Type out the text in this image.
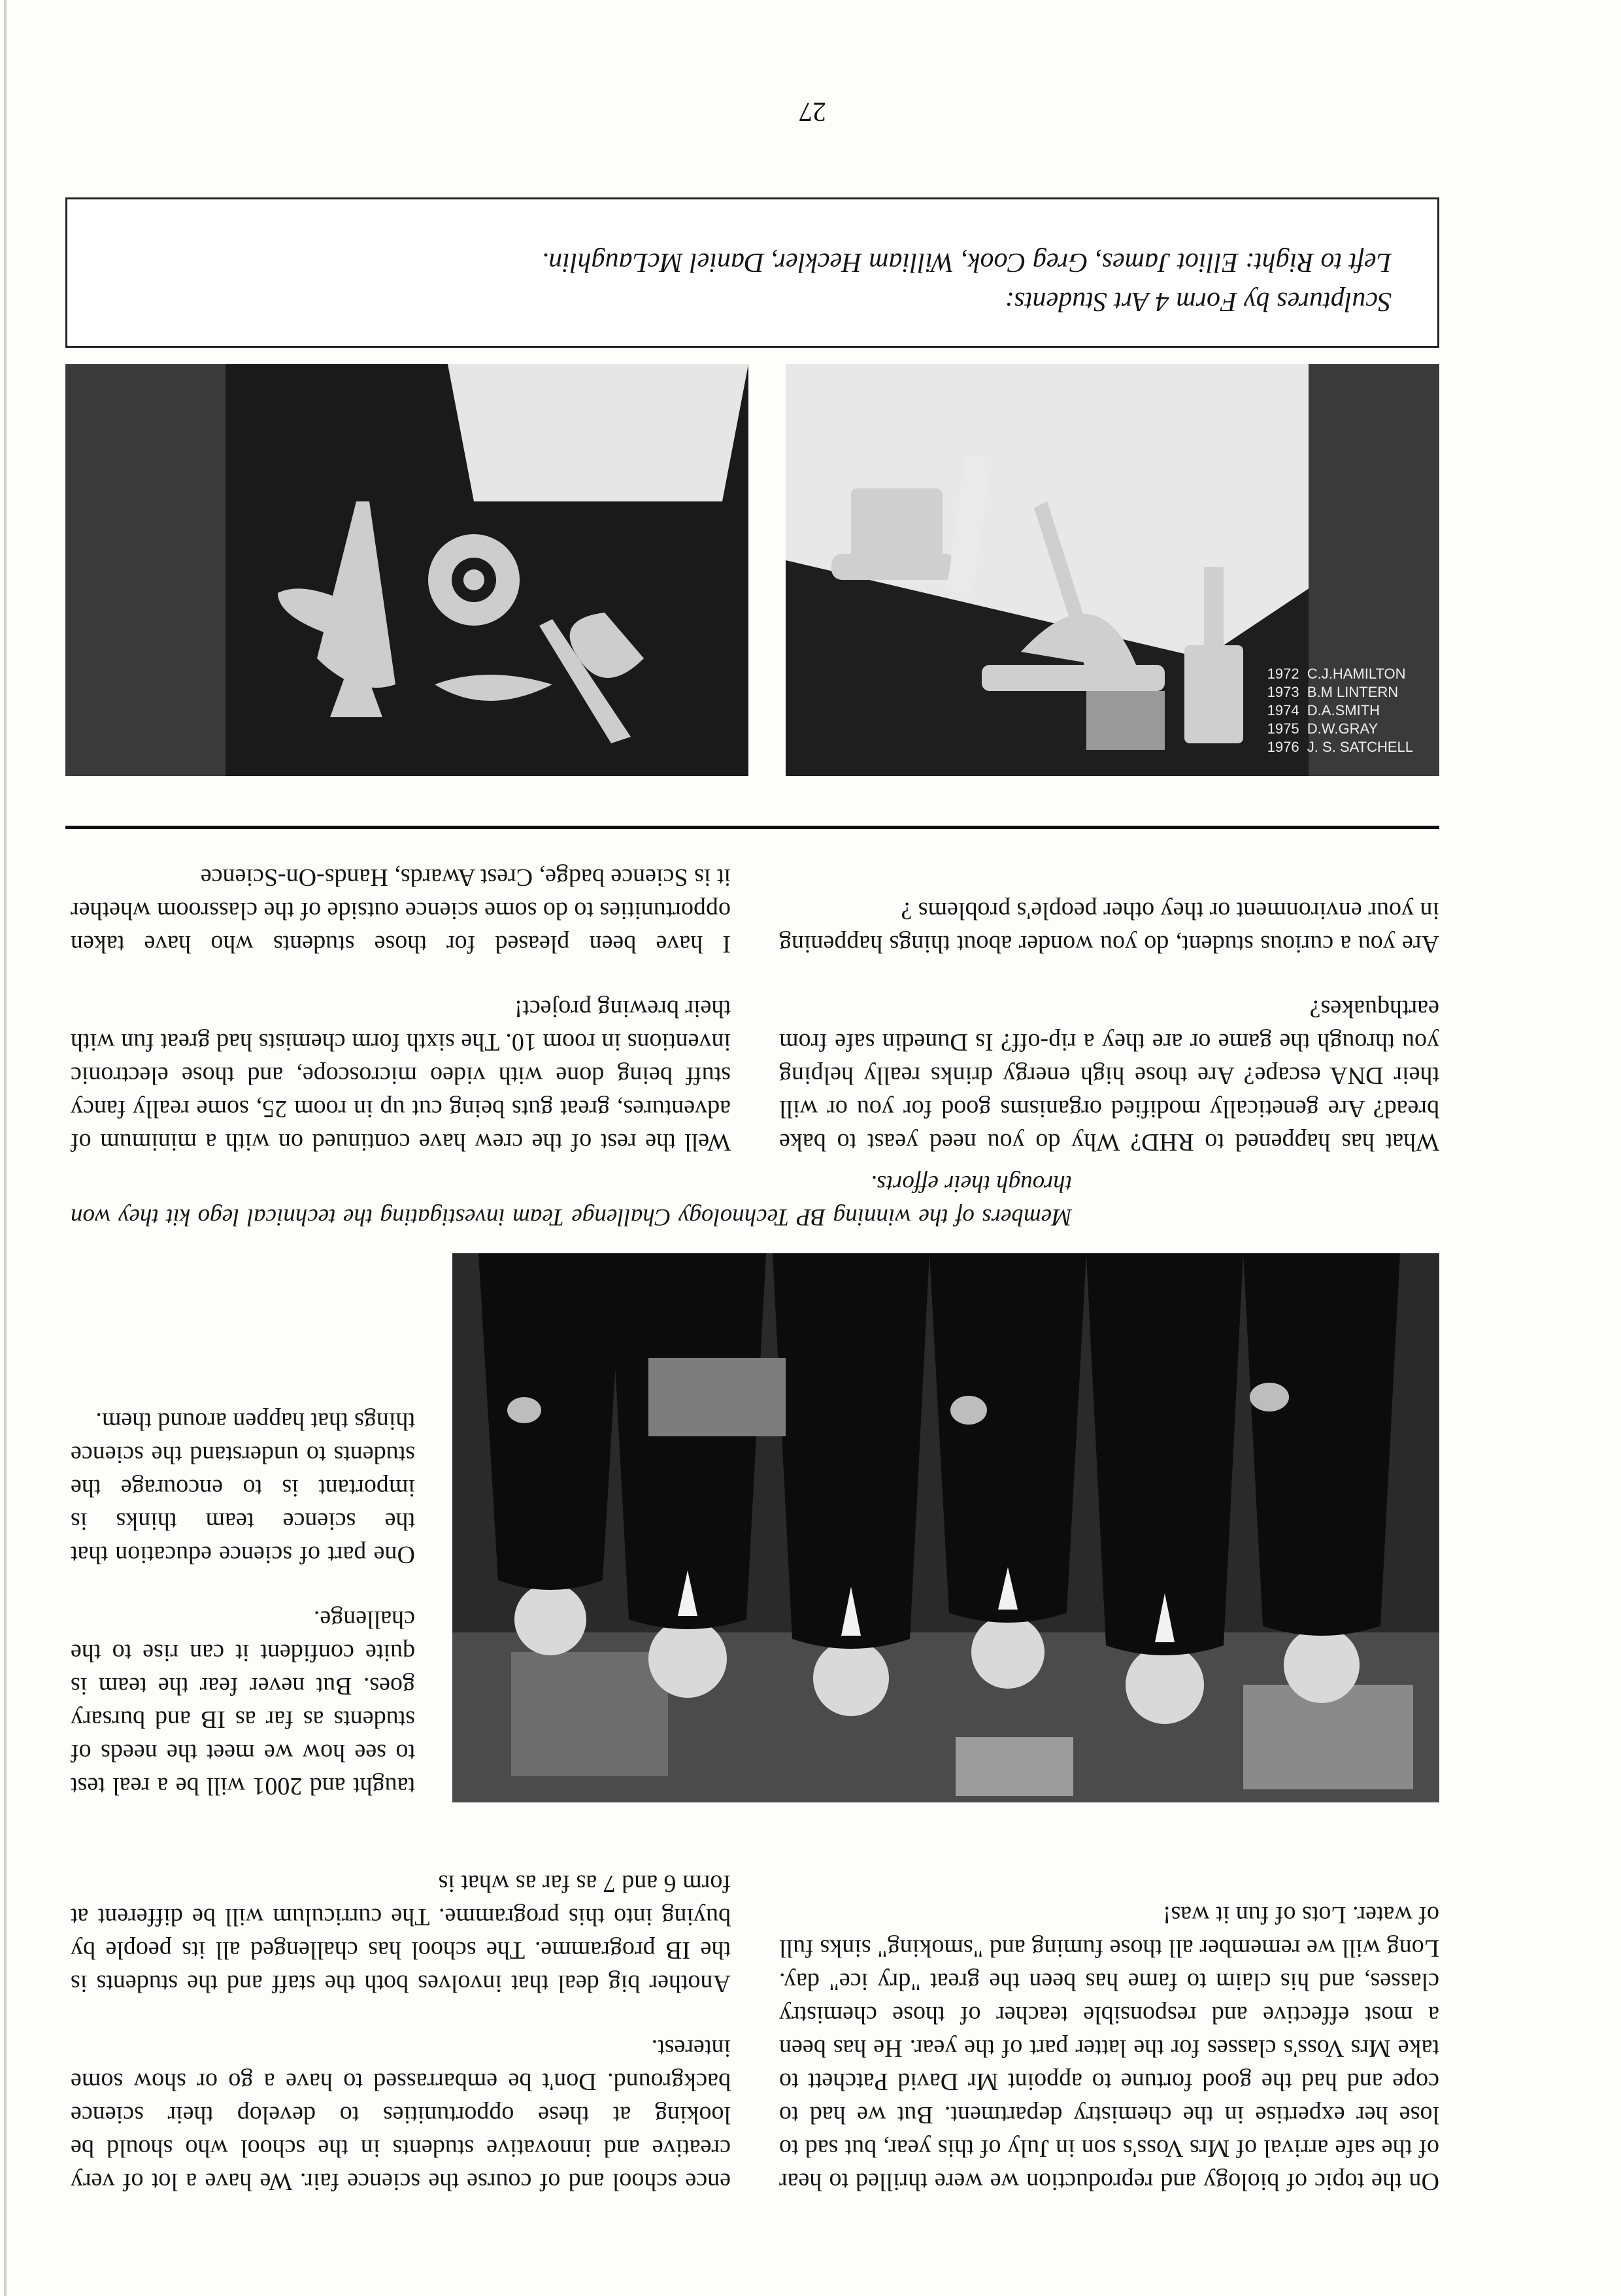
On the topic of biology and reproduction we were thrilled to hear of the safe arrival of Mrs Voss's son in July of this year, but sad to lose her expertise in the chemistry department. But we had to cope and had the good fortune to appoint Mr David Patchett to take Mrs Voss's classes for the latter part of the year. He has been a most effective and responsible teacher of those chemistry classes, and his claim to fame has been the great "dry ice" day. Long will we remember all those fuming and "smoking" sinks full of water. Lots of fun it was!

ence school and of course the science fair. We have a lot of very creative and innovative students in the school who should be looking at these opportunities to develop their science background. Don't be embarrassed to have a go or show some interest.

Another big deal that involves both the staff and the students is the IB programme. The school has challenged all its people by buying into this programme. The curriculum will be different at form 6 and 7 as far as what is

taught and 2001 will be a real test to see how we meet the needs of students as far as IB and bursary goes. But never fear the team is quite confident it can rise to the challenge.

One part of science education that the science team thinks is important is to encourage the students to understand the science things that happen around them.

Members of the winning BP Technology Challenge Team investigating the technical lego kit they won through their efforts.

Well the rest of the crew have continued on with a minimum of adventures, great guts being cut up in room 25, some really fancy stuff being done with video microscope, and those electronic inventions in room 10. The sixth form chemists had great fun with their brewing project!

I have been pleased for those students who have taken opportunities to do some science outside of the classroom whether it is Science badge, Crest Awards, Hands-On-Science

What has happened to RHD? Why do you need yeast to bake bread? Are genetically modified organisms good for you or will their DNA escape? Are those high energy drinks really helping you through the game or are they a rip-off? Is Dunedin safe from earthquakes?

Are you a curious student, do you wonder about things happening in your environment or they other people's problems ?

1972 C.J.HAMILTON
1973 B.M LINTERN
1974 D.A.SMITH
1975 D.W.GRAY
1976 J. S. SATCHELL
Sculptures by Form 4 Art Students:
Left to Right: Elliot James, Greg Cook, William Heckler, Daniel McLaughlin.
27
